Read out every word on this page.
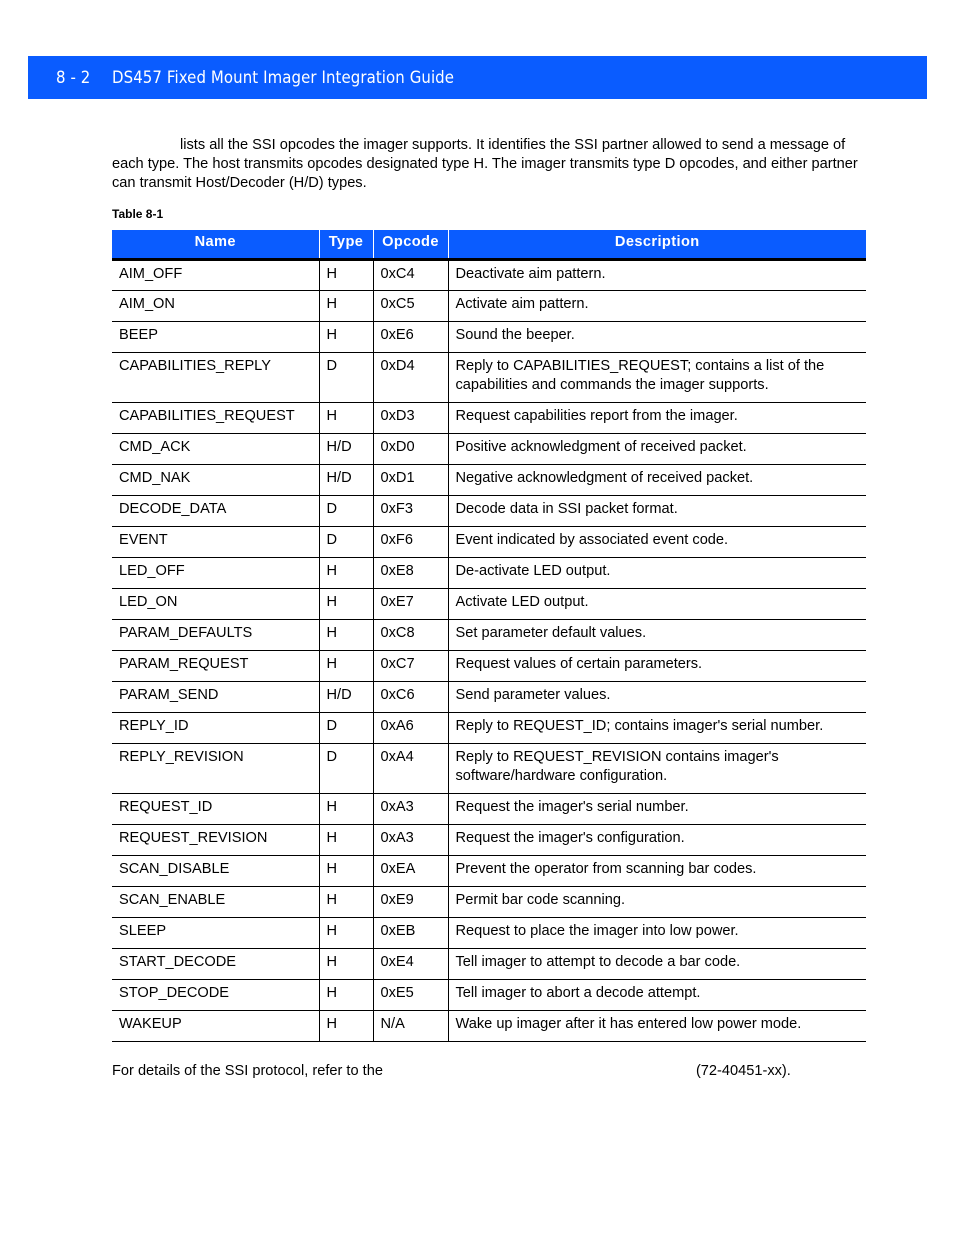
8 - 2	DS457 Fixed Mount Imager Integration Guide
lists all the SSI opcodes the imager supports. It identifies the SSI partner allowed to send a message of each type. The host transmits opcodes designated type H. The imager transmits type D opcodes, and either partner can transmit Host/Decoder (H/D) types.
Table 8-1
Name	Type	Opcode	Description
AIM_OFF	H	0xC4	Deactivate aim pattern.
AIM_ON	H	0xC5	Activate aim pattern.
BEEP	H	0xE6	Sound the beeper.
CAPABILITIES_REPLY	D	0xD4	Reply to CAPABILITIES_REQUEST; contains a list of the capabilities and commands the imager supports.
CAPABILITIES_REQUEST	H	0xD3	Request capabilities report from the imager.
CMD_ACK	H/D	0xD0	Positive acknowledgment of received packet.
CMD_NAK	H/D	0xD1	Negative acknowledgment of received packet.
DECODE_DATA	D	0xF3	Decode data in SSI packet format.
EVENT	D	0xF6	Event indicated by associated event code.
LED_OFF	H	0xE8	De-activate LED output.
LED_ON	H	0xE7	Activate LED output.
PARAM_DEFAULTS	H	0xC8	Set parameter default values.
PARAM_REQUEST	H	0xC7	Request values of certain parameters.
PARAM_SEND	H/D	0xC6	Send parameter values.
REPLY_ID	D	0xA6	Reply to REQUEST_ID; contains imager's serial number.
REPLY_REVISION	D	0xA4	Reply to REQUEST_REVISION contains imager's software/hardware configuration.
REQUEST_ID	H	0xA3	Request the imager's serial number.
REQUEST_REVISION	H	0xA3	Request the imager's configuration.
SCAN_DISABLE	H	0xEA	Prevent the operator from scanning bar codes.
SCAN_ENABLE	H	0xE9	Permit bar code scanning.
SLEEP	H	0xEB	Request to place the imager into low power.
START_DECODE	H	0xE4	Tell imager to attempt to decode a bar code.
STOP_DECODE	H	0xE5	Tell imager to abort a decode attempt.
WAKEUP	H	N/A	Wake up imager after it has entered low power mode.
For details of the SSI protocol, refer to the	(72-40451-xx).
